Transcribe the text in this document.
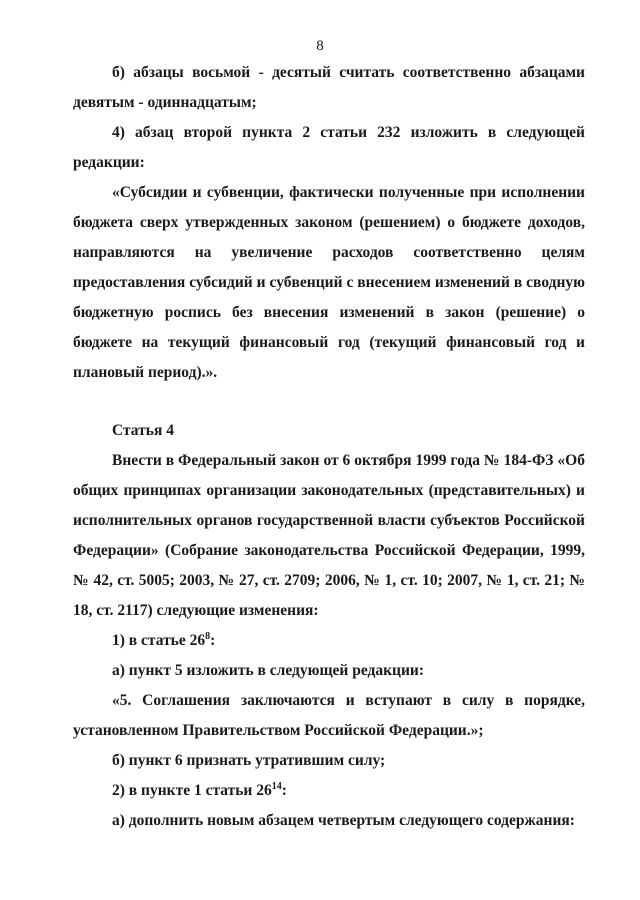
8

б) абзацы восьмой - десятый считать соответственно абзацами девятым - одиннадцатым;

4) абзац второй пункта 2 статьи 232 изложить в следующей редакции:

«Субсидии и субвенции, фактически полученные при исполнении бюджета сверх утвержденных законом (решением) о бюджете доходов, направляются на увеличение расходов соответственно целям предоставления субсидий и субвенций с внесением изменений в сводную бюджетную роспись без внесения изменений в закон (решение) о бюджете на текущий финансовый год (текущий финансовый год и плановый период).».

Статья 4

Внести в Федеральный закон от 6 октября 1999 года № 184-ФЗ «Об общих принципах организации законодательных (представительных) и исполнительных органов государственной власти субъектов Российской Федерации» (Собрание законодательства Российской Федерации, 1999, № 42, ст. 5005; 2003, № 27, ст. 2709; 2006, № 1, ст. 10; 2007, № 1, ст. 21; № 18, ст. 2117) следующие изменения:

1) в статье $26^8$:

а) пункт 5 изложить в следующей редакции:

«5. Соглашения заключаются и вступают в силу в порядке, установленном Правительством Российской Федерации.»;

б) пункт 6 признать утратившим силу;

2) в пункте 1 статьи $26^{14}$:

а) дополнить новым абзацем четвертым следующего содержания:
